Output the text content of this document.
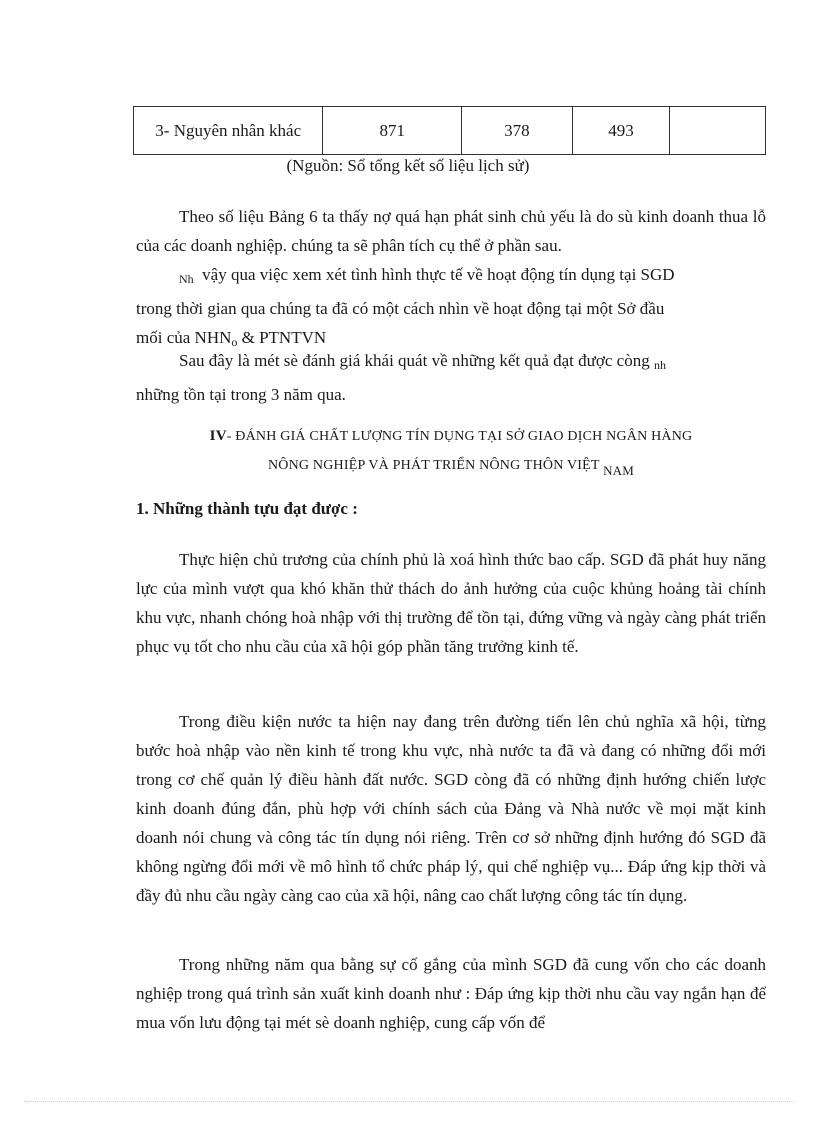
3- Nguyên nhân khác	871	378	493	
(Nguồn: Sổ tổng kết số liệu lịch sử)
Theo số liệu Bảng 6 ta thấy nợ quá hạn phát sinh chủ yếu là do sù kinh doanh thua lỗ của các doanh nghiệp. chúng ta sẽ phân tích cụ thể ở phần sau.
Nh vậy qua việc xem xét tình hình thực tế về hoạt động tín dụng tại SGD
trong thời gian qua chúng ta đã có một cách nhìn về hoạt động tại một Sở đầu
mối của NHNo & PTNTVN
Sau đây là mét sè đánh giá khái quát về những kết quả đạt được còng nh
những tồn tại trong 3 năm qua.
IV- ĐÁNH GIÁ CHẤT LƯỢNG TÍN DỤNG TẠI SỞ GIAO DỊCH NGÂN HÀNG
NÔNG NGHIỆP VÀ PHÁT TRIỂN NÔNG THÔN VIỆT NAM
1. Những thành tựu đạt được :
Thực hiện chủ trương của chính phủ là xoá hình thức bao cấp. SGD đã phát huy năng lực của mình vượt qua khó khăn thử thách do ảnh hưởng của cuộc khủng hoảng tài chính khu vực, nhanh chóng hoà nhập với thị trường để tồn tại, đứng vững và ngày càng phát triển phục vụ tốt cho nhu cầu của xã hội góp phần tăng trưởng kinh tế.
Trong điều kiện nước ta hiện nay đang trên đường tiến lên chủ nghĩa xã hội, từng bước hoà nhập vào nền kinh tế trong khu vực, nhà nước ta đã và đang có những đổi mới trong cơ chế quản lý điều hành đất nước. SGD còng đã có những định hướng chiến lược kinh doanh đúng đắn, phù hợp với chính sách của Đảng và Nhà nước về mọi mặt kinh doanh nói chung và công tác tín dụng nói riêng. Trên cơ sở những định hướng đó SGD đã không ngừng đổi mới về mô hình tổ chức pháp lý, qui chế nghiệp vụ... Đáp ứng kịp thời và đầy đủ nhu cầu ngày càng cao của xã hội, nâng cao chất lượng công tác tín dụng.
Trong những năm qua bằng sự cố gắng của mình SGD đã cung vốn cho các doanh nghiệp trong quá trình sản xuất kinh doanh như : Đáp ứng kịp thời nhu cầu vay ngắn hạn để mua vốn lưu động tại mét sè doanh nghiệp, cung cấp vốn để
